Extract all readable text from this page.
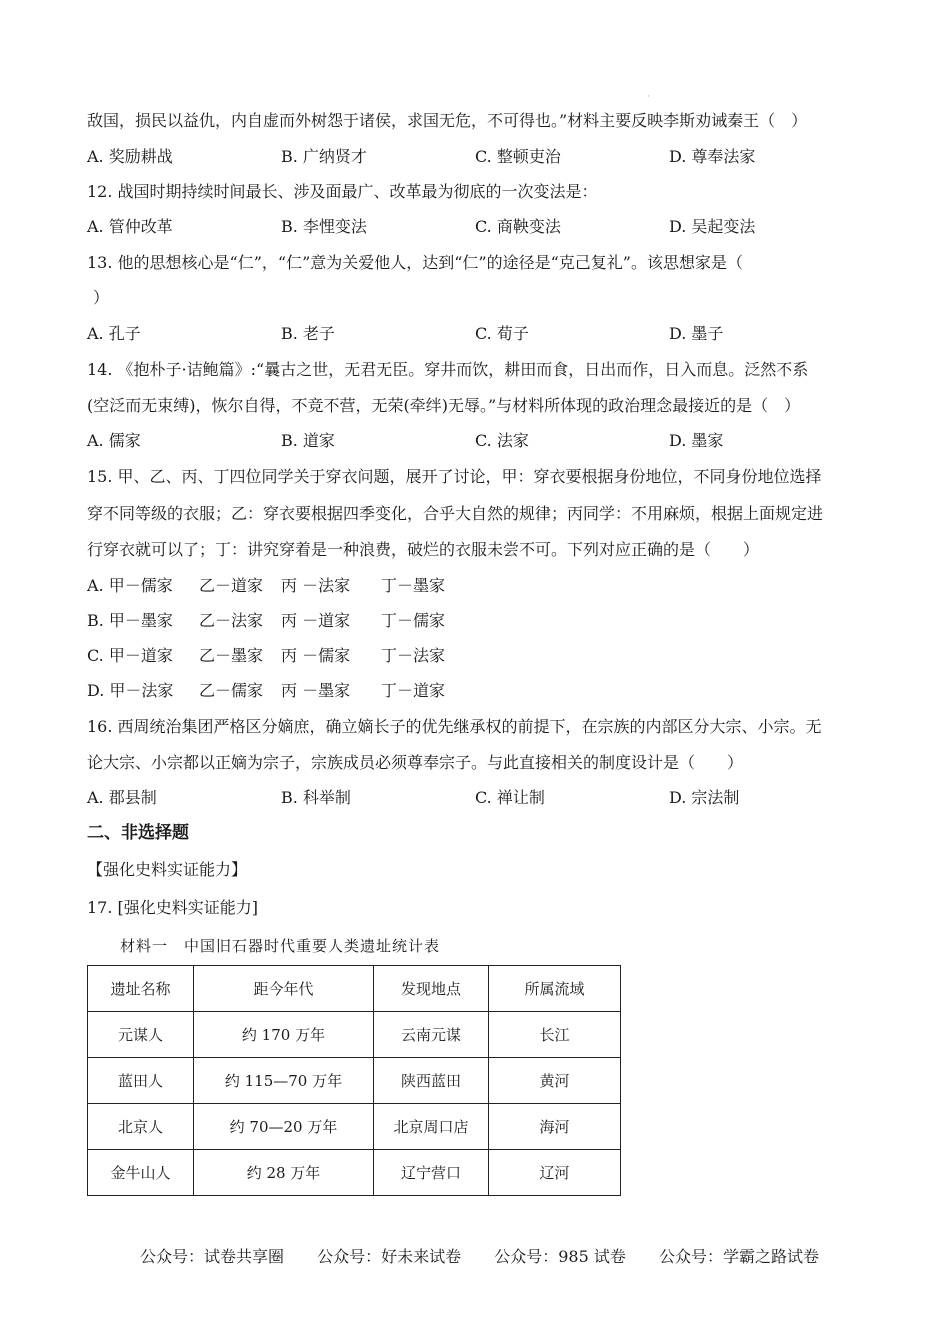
·
敌国，损民以益仇，内自虚而外树怨于诸侯，求国无危，不可得也。”材料主要反映李斯劝诫秦王（　）
A. 奖励耕战	B. 广纳贤才	C. 整顿吏治	D. 尊奉法家
12. 战国时期持续时间最长、涉及面最广、改革最为彻底的一次变法是：
A. 管仲改革	B. 李悝变法	C. 商鞅变法	D. 吴起变法
13. 他的思想核心是“仁”，“仁”意为关爱他人，达到“仁”的途径是“克己复礼”。该思想家是（
）
A. 孔子	B. 老子	C. 荀子	D. 墨子
14. 《抱朴子·诘鲍篇》:“曩古之世，无君无臣。穿井而饮，耕田而食，日出而作，日入而息。泛然不系
(空泛而无束缚)，恢尔自得，不竞不营，无荣(牵绊)无辱。”与材料所体现的政治理念最接近的是（　）
A. 儒家	B. 道家	C. 法家	D. 墨家
15. 甲、乙、丙、丁四位同学关于穿衣问题，展开了讨论，甲：穿衣要根据身份地位，不同身份地位选择
穿不同等级的衣服；乙：穿衣要根据四季变化，合乎大自然的规律；丙同学：不用麻烦，根据上面规定进
行穿衣就可以了；丁：讲究穿着是一种浪费，破烂的衣服未尝不可。下列对应正确的是（　　）
A. 甲－儒家 乙－道家 丙 －法家 丁－墨家
B. 甲－墨家 乙－法家 丙 －道家 丁－儒家
C. 甲－道家 乙－墨家 丙 －儒家 丁－法家
D. 甲－法家 乙－儒家 丙 －墨家 丁－道家
16. 西周统治集团严格区分嫡庶，确立嫡长子的优先继承权的前提下，在宗族的内部区分大宗、小宗。无
论大宗、小宗都以正嫡为宗子，宗族成员必须尊奉宗子。与此直接相关的制度设计是（　　）
A. 郡县制	B. 科举制	C. 禅让制	D. 宗法制
二、非选择题
【强化史料实证能力】
17. [强化史料实证能力]
材料一　中国旧石器时代重要人类遗址统计表
遗址名称	距今年代	发现地点	所属流域
元谋人	约 170 万年	云南元谋	长江
蓝田人	约 115—70 万年	陕西蓝田	黄河
北京人	约 70—20 万年	北京周口店	海河
金牛山人	约 28 万年	辽宁营口	辽河
公众号：试卷共享圈 公众号：好未来试卷 公众号：985 试卷 公众号：学霸之路试卷
